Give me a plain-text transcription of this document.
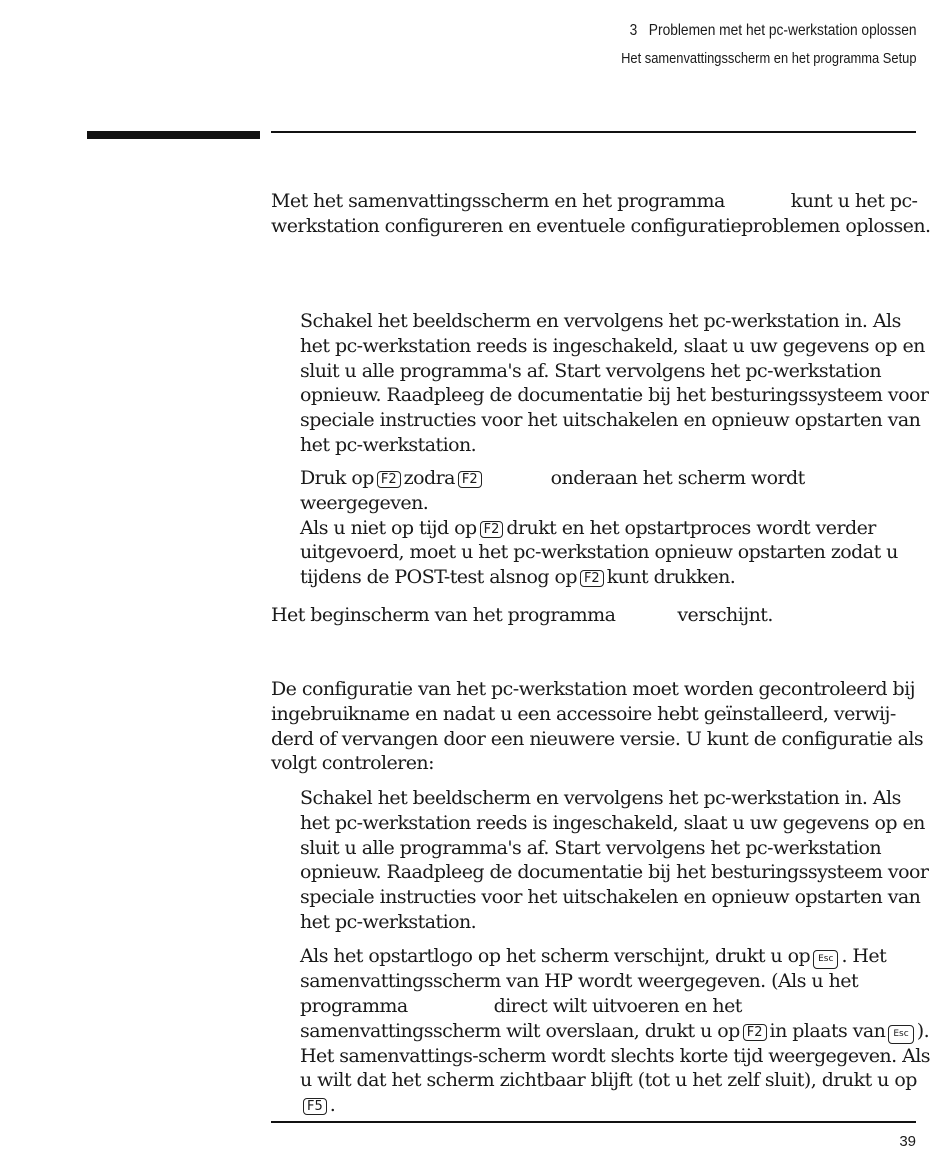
3 Problemen met het pc-werkstation oplossen
Het samenvattingsscherm en het programma Setup

Met het samenvattingsscherm en het programma	kunt u het pc-werkstation configureren en eventuele configuratieproblemen oplossen.

Schakel het beeldscherm en vervolgens het pc-werkstation in. Als het pc-werkstation reeds is ingeschakeld, slaat u uw gegevens op en sluit u alle programma's af. Start vervolgens het pc-werkstation opnieuw. Raadpleeg de documentatie bij het besturingssysteem voor speciale instructies voor het uitschakelen en opnieuw opstarten van het pc-werkstation.

Druk op F2 zodra F2	onderaan het scherm wordt weergegeven.
Als u niet op tijd op F2 drukt en het opstartproces wordt verder uitgevoerd, moet u het pc-werkstation opnieuw opstarten zodat u tijdens de POST-test alsnog op F2 kunt drukken.

Het beginscherm van het programma	verschijnt.

De configuratie van het pc-werkstation moet worden gecontroleerd bij ingebruikname en nadat u een accessoire hebt geïnstalleerd, verwij-derd of vervangen door een nieuwere versie. U kunt de configuratie als volgt controleren:

Schakel het beeldscherm en vervolgens het pc-werkstation in. Als het pc-werkstation reeds is ingeschakeld, slaat u uw gegevens op en sluit u alle programma's af. Start vervolgens het pc-werkstation opnieuw. Raadpleeg de documentatie bij het besturingssysteem voor speciale instructies voor het uitschakelen en opnieuw opstarten van het pc-werkstation.

Als het opstartlogo op het scherm verschijnt, drukt u op Esc . Het samenvattingsscherm van HP wordt weergegeven. (Als u het programma	direct wilt uitvoeren en het samenvattingsscherm wilt overslaan, drukt u op F2 in plaats van Esc ). Het samenvattings-scherm wordt slechts korte tijd weergegeven. Als u wilt dat het scherm zichtbaar blijft (tot u het zelf sluit), drukt u opF5 .

39
